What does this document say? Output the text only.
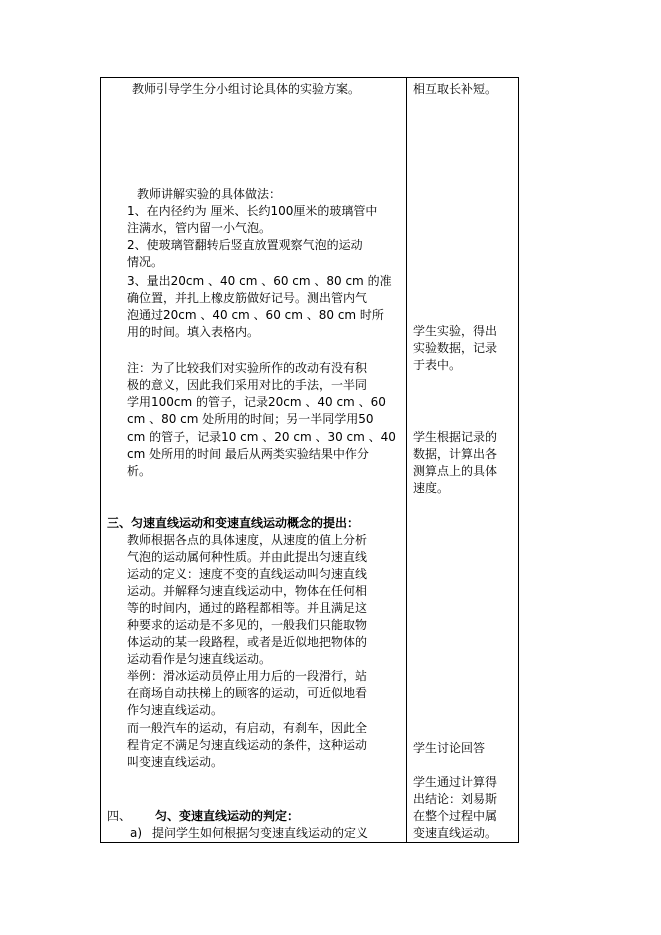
教师引导学生分小组讨论具体的实验方案。
教师讲解实验的具体做法：
1、在内径约为 厘米、长约100厘米的玻璃管中
注满水，管内留一小气泡。
2、使玻璃管翻转后竖直放置观察气泡的运动
情况。
3、量出20cm 、40 cm 、60 cm 、80 cm 的准
确位置，并扎上橡皮筋做好记号。测出管内气
泡通过20cm 、40 cm 、60 cm 、80 cm 时所
用的时间。填入表格内。
注：为了比较我们对实验所作的改动有没有积
极的意义，因此我们采用对比的手法，一半同
学用100cm 的管子，记录20cm 、40 cm 、60
cm 、80 cm 处所用的时间；另一半同学用50
cm 的管子，记录10 cm 、20 cm 、30 cm 、40
cm 处所用的时间 最后从两类实验结果中作分
析。
三、匀速直线运动和变速直线运动概念的提出：
教师根据各点的具体速度，从速度的值上分析
气泡的运动属何种性质。并由此提出匀速直线
运动的定义：速度不变的直线运动叫匀速直线
运动。并解释匀速直线运动中，物体在任何相
等的时间内，通过的路程都相等。并且满足这
种要求的运动是不多见的，一般我们只能取物
体运动的某一段路程，或者是近似地把物体的
运动看作是匀速直线运动。
举例：滑冰运动员停止用力后的一段滑行，站
在商场自动扶梯上的顾客的运动，可近似地看
作匀速直线运动。
而一般汽车的运动，有启动，有刹车，因此全
程肯定不满足匀速直线运动的条件，这种运动
叫变速直线运动。
四、 匀、变速直线运动的判定：
a) 提问学生如何根据匀变速直线运动的定义
相互取长补短。
学生实验，得出
实验数据，记录
于表中。
学生根据记录的
数据，计算出各
测算点上的具体
速度。
学生讨论回答
学生通过计算得
出结论：刘易斯
在整个过程中属
变速直线运动。
